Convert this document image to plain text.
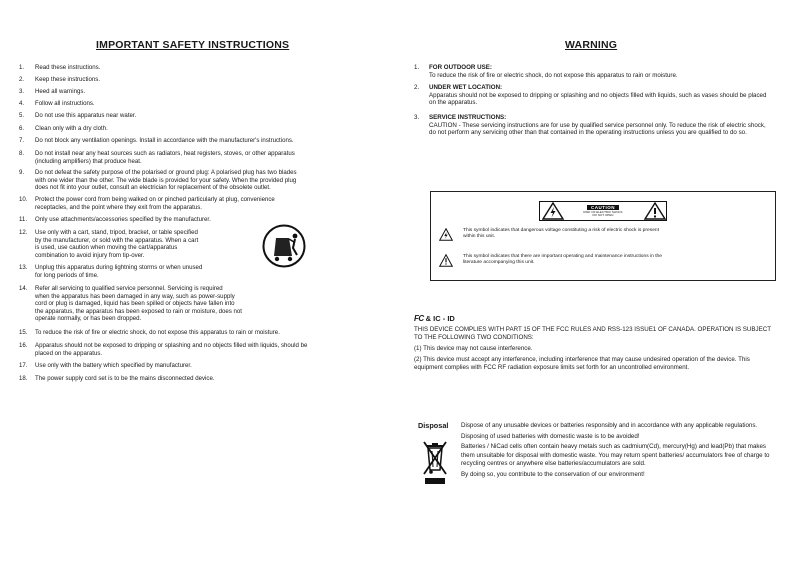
IMPORTANT SAFETY INSTRUCTIONS
1.	Read these instructions.
2.	Keep these instructions.
3.	Heed all warnings.
4.	Follow all instructions.
5.	Do not use this apparatus near water.
6.	Clean only with a dry cloth.
7.	Do not block any ventilation openings. Install in accordance with the manufacturer's instructions.
8.	Do not install near any heat sources such as radiators, heat registers, stoves, or other apparatus
(including amplifiers) that produce heat.
9.	Do not defeat the safety purpose of the polarised or ground plug: A polarised plug has two blades
with one wider than the other. The wide blade is provided for your safety. When the provided plug
does not fit into your outlet, consult an electrician for replacement of the obsolete outlet.
10.	Protect the power cord from being walked on or pinched particularly at plug, convenience
receptacles, and the point where they exit from the apparatus.
11.	Only use attachments/accessories specified by the manufacturer.
12.	Use only with a cart, stand, tripod, bracket, or table specified
by the manufacturer, or sold with the apparatus. When a cart
is used, use caution when moving the cart/apparatus
combination to avoid injury from tip-over.
13.	Unplug this apparatus during lightning storms or when unused
for long periods of time.
14.	Refer all servicing to qualified service personnel. Servicing is required
when the apparatus has been damaged in any way, such as power-supply
cord or plug is damaged, liquid has been spilled or objects have fallen into
the apparatus, the apparatus has been exposed to rain or moisture, does not
operate normally, or has been dropped.
15.	To reduce the risk of fire or electric shock, do not expose this apparatus to rain or moisture.
16.	Apparatus should not be exposed to dripping or splashing and no objects filled with liquids, should be
placed on the apparatus.
17.	Use only with the battery which specified by manufacturer.
18.	The power supply cord set is to be the mains disconnected device.
WARNING
1.	FOR OUTDOOR USE:
To reduce the risk of fire or electric shock, do not expose this apparatus to rain or moisture.
2.	UNDER WET LOCATION:
Apparatus should not be exposed to dripping or splashing and no objects filled with liquids, such as vases should be placed on the apparatus.
3.	SERVICE INSTRUCTIONS:
CAUTION - These servicing instructions are for use by qualified service personnel only. To reduce the risk of electric shock, do not perform any servicing other than that contained in the operating instructions unless you are qualified to do so.
CAUTION
RISK OF ELECTRIC SHOCK
DO NOT OPEN
This symbol indicates that dangerous voltage constituting a risk of electric shock is present
within this unit.
This symbol indicates that there are important operating and maintenance instructions in the
literature accompanying this unit.
FC & IC - ID

THIS DEVICE COMPLIES WITH PART 15 OF THE FCC RULES AND RSS-123 ISSUE1 OF CANADA. OPERATION IS SUBJECT TO THE FOLLOWING TWO CONDITIONS:

(1) This device may not cause interference.

(2) This device must accept any interference, including interference that may cause undesired operation of the device. This equipment complies with FCC RF radiation exposure limits set forth for an uncontrolled environment.

Disposal Dispose of any unusable devices or batteries responsibly and in accordance with any applicable regulations.

Disposing of used batteries with domestic waste is to be avoided!

Batteries / NiCad cells often contain heavy metals such as cadmium(Cd), mercury(Hg) and lead(Pb) that makes them unsuitable for disposal with domestic waste. You may return spent batteries/ accumulators free of charge to recycling centres or anywhere else batteries/accumulators are sold.

By doing so, you contribute to the conservation of our environment!
